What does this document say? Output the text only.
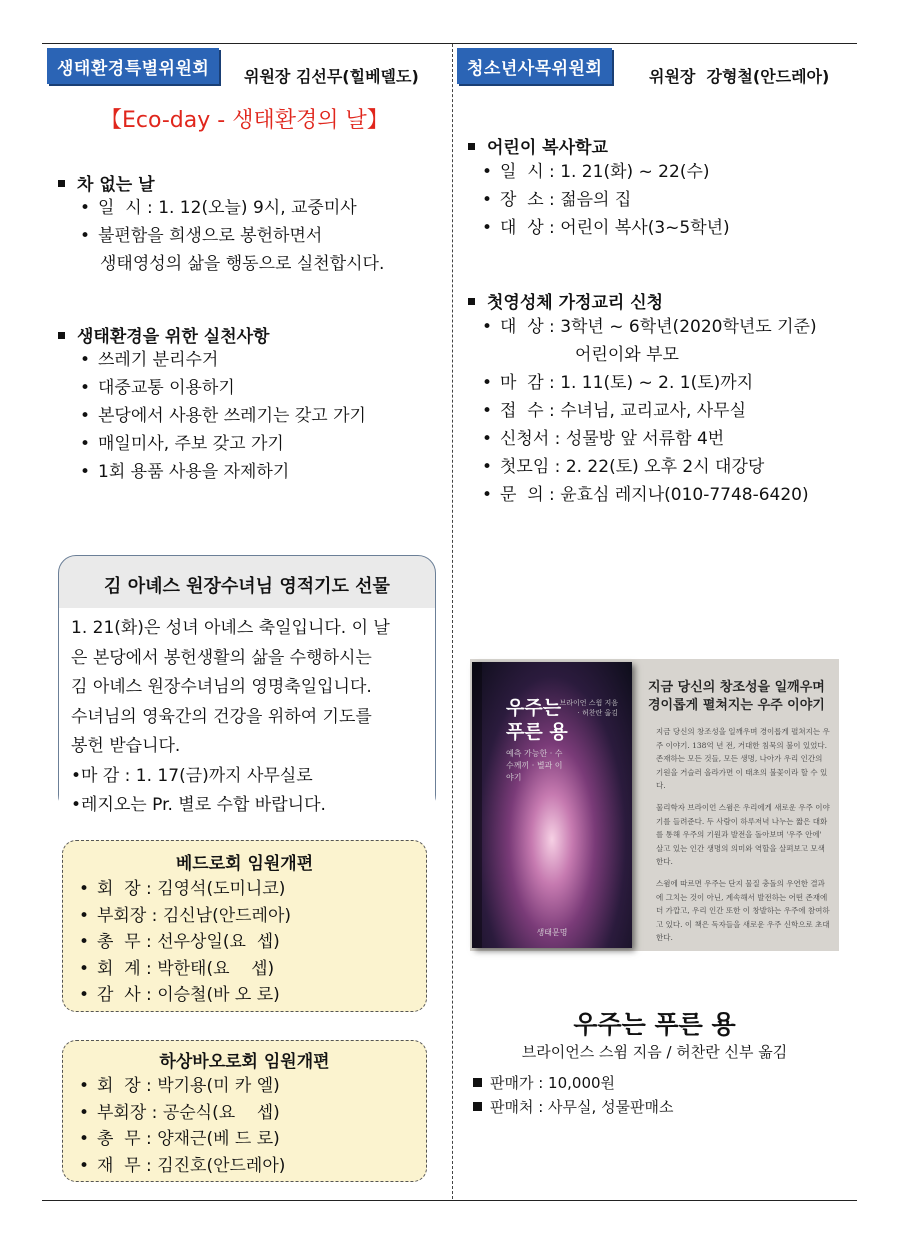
생태환경특별위원회	위원장 김선무(힐베델도)
【Eco-day - 생태환경의 날】
차 없는 날
• 일  시 : 1. 12(오늘) 9시, 교중미사
• 불편함을 희생으로 봉헌하면서
생태영성의 삶을 행동으로 실천합시다.
생태환경을 위한 실천사항
• 쓰레기 분리수거
• 대중교통 이용하기
• 본당에서 사용한 쓰레기는 갖고 가기
• 매일미사, 주보 갖고 가기
• 1회 용품 사용을 자제하기
김 아녜스 원장수녀님 영적기도 선물
1. 21(화)은 성녀 아녜스 축일입니다. 이 날
은 본당에서 봉헌생활의 삶을 수행하시는
김 아녜스 원장수녀님의 영명축일입니다.
수녀님의 영육간의 건강을 위하여 기도를
봉헌 받습니다.
•마 감 : 1. 17(금)까지 사무실로
•레지오는 Pr. 별로 수합 바랍니다.
베드로회 임원개편
• 회  장 : 김영석(도미니코)
• 부회장 : 김신남(안드레아)
• 총  무 : 선우상일(요  셉)
• 회  계 : 박한태(요    셉)
• 감  사 : 이승철(바 오 로)
하상바오로회 임원개편
• 회  장 : 박기용(미 카 엘)
• 부회장 : 공순식(요    셉)
• 총  무 : 양재근(베 드 로)
• 재  무 : 김진호(안드레아)
청소년사목위원회	위원장  강형철(안드레아)
어린이 복사학교
• 일  시 : 1. 21(화) ~ 22(수)
• 장  소 : 젊음의 집
• 대  상 : 어린이 복사(3~5학년)
첫영성체 가정교리 신청
• 대  상 : 3학년 ~ 6학년(2020학년도 기준)
어린이와 부모
• 마  감 : 1. 11(토) ~ 2. 1(토)까지
• 접  수 : 수녀님, 교리교사, 사무실
• 신청서 : 성물방 앞 서류함 4번
• 첫모임 : 2. 22(토) 오후 2시 대강당
• 문  의 : 윤효심 레지나(010-7748-6420)
우주는
푸른 용
예측 가능한 · 수수께끼 · 별과 이야기
브라이언 스윔 지음 · 허찬란 옮김
생태문명
지금 당신의 창조성을 일깨우며
경이롭게 펼쳐지는 우주 이야기
지금 당신의 창조성을 일깨우며 경이롭게 펼쳐지는 우주 이야기. 138억 년 전, 거대한 침묵의 불이 있었다. 존재하는 모든 것들, 모든 생명, 나아가 우리 인간의 기원을 거슬러 올라가면 이 태초의 불꽃이라 할 수 있다.
물리학자 브라이언 스윔은 우리에게 새로운 우주 이야기를 들려준다. 두 사람이 하루저녁 나누는 짧은 대화를 통해 우주의 기원과 발전을 돌아보며 '우주 안에' 살고 있는 인간 생명의 의미와 역할을 살펴보고 모색한다.
스윔에 따르면 우주는 단지 물질 충돌의 우연한 결과에 그치는 것이 아닌, 계속해서 발전하는 어떤 존재에 더 가깝고, 우리 인간 또한 이 창발하는 우주에 참여하고 있다. 이 책은 독자들을 새로운 우주 신학으로 초대한다.
우주는 푸른 용
브라이언스 스윔 지음 / 허찬란 신부 옮김
판매가 : 10,000원
판매처 : 사무실, 성물판매소
